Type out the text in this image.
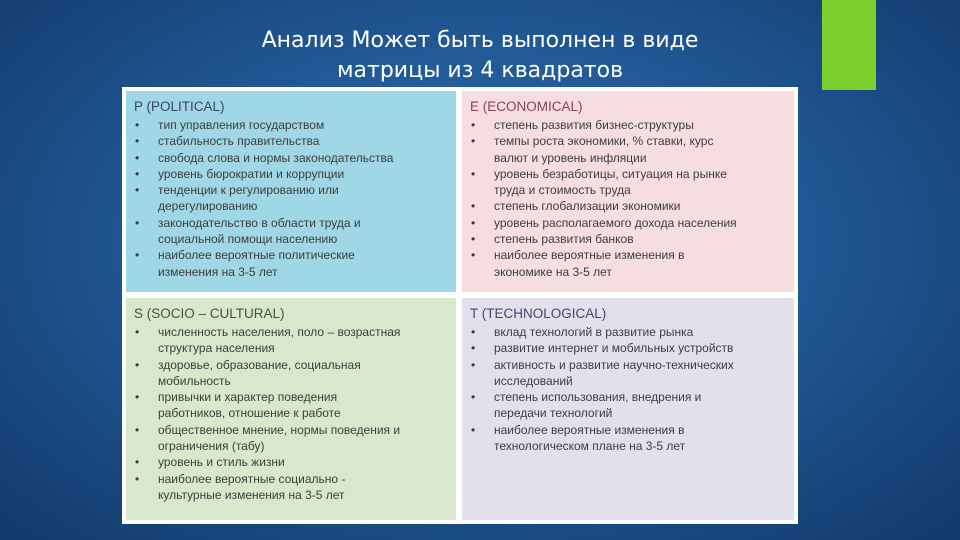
Анализ Может быть выполнен в виде
матрицы из 4 квадратов
P (POLITICAL)
• тип управления государством
• стабильность правительства
• свобода слова и нормы законодательства
• уровень бюрократии и коррупции
• тенденции к регулированию или
дерегулированию
• законодательство в области труда и
социальной помощи населению
• наиболее вероятные политические
изменения на 3-5 лет
E (ECONOMICAL)
• степень развития бизнес-структуры
• темпы роста экономики, % ставки, курс
валют и уровень инфляции
• уровень безработицы, ситуация на рынке
труда и стоимость труда
• степень глобализации экономики
• уровень располагаемого дохода населения
• степень развития банков
• наиболее вероятные изменения в
экономике на 3-5 лет
S (SOCIO – CULTURAL)
• численность населения, поло – возрастная
структура населения
• здоровье, образование, социальная
мобильность
• привычки и характер поведения
работников, отношение к работе
• общественное мнение, нормы поведения и
ограничения (табу)
• уровень и стиль жизни
• наиболее вероятные социально -
культурные изменения на 3-5 лет
T (TECHNOLOGICAL)
• вклад технологий в развитие рынка
• развитие интернет и мобильных устройств
• активность и развитие научно-технических
исследований
• степень использования, внедрения и
передачи технологий
• наиболее вероятные изменения в
технологическом плане на 3-5 лет
